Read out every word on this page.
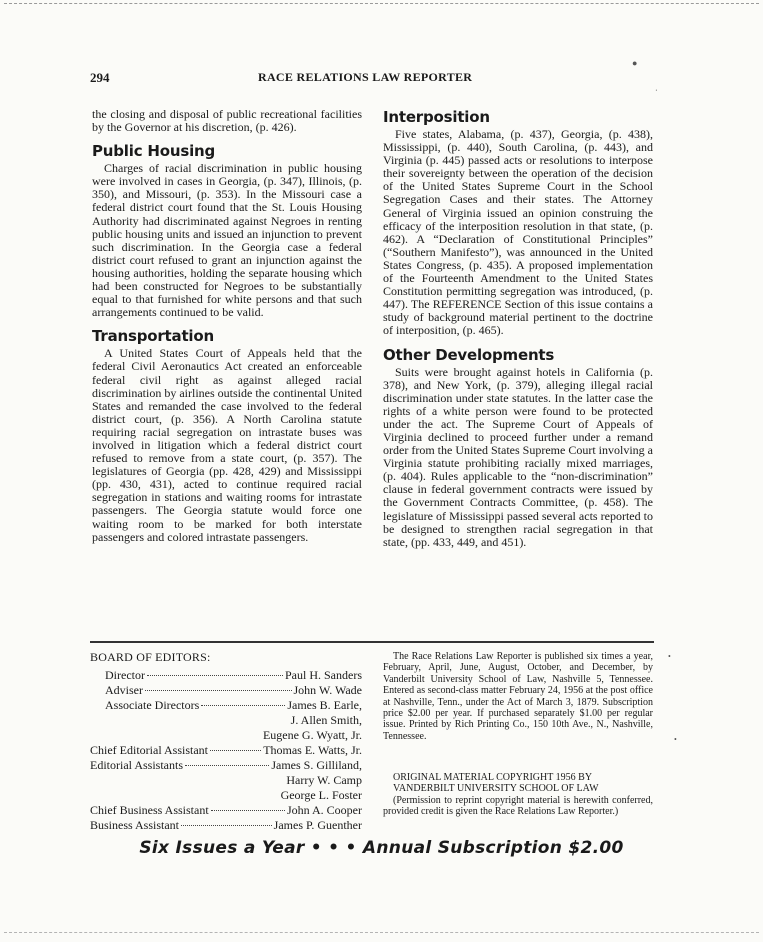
●
⋅
•
•
294	RACE RELATIONS LAW REPORTER

the closing and disposal of public recreational facilities by the Governor at his discretion, (p. 426).

Public Housing

Charges of racial discrimination in public housing were involved in cases in Georgia, (p. 347), Illinois, (p. 350), and Missouri, (p. 353). In the Missouri case a federal district court found that the St. Louis Housing Authority had discriminated against Negroes in renting public housing units and issued an injunction to prevent such discrimination. In the Georgia case a federal district court refused to grant an injunction against the housing authorities, holding the separate housing which had been constructed for Negroes to be substantially equal to that furnished for white persons and that such arrangements continued to be valid.

Transportation

A United States Court of Appeals held that the federal Civil Aeronautics Act created an enforceable federal civil right as against alleged racial discrimination by airlines outside the continental United States and remanded the case involved to the federal district court, (p. 356). A North Carolina statute requiring racial segregation on intrastate buses was involved in litigation which a federal district court refused to remove from a state court, (p. 357). The legislatures of Georgia (pp. 428, 429) and Mississippi (pp. 430, 431), acted to continue required racial segregation in stations and waiting rooms for intrastate passengers. The Georgia statute would force one waiting room to be marked for both interstate passengers and colored intrastate passengers.

Interposition

Five states, Alabama, (p. 437), Georgia, (p. 438), Mississippi, (p. 440), South Carolina, (p. 443), and Virginia (p. 445) passed acts or resolutions to interpose their sovereignty between the operation of the decision of the United States Supreme Court in the School Segregation Cases and their states. The Attorney General of Virginia issued an opinion construing the efficacy of the interposition resolution in that state, (p. 462). A “Declaration of Constitutional Principles” (“Southern Manifesto”), was announced in the United States Congress, (p. 435). A proposed implementation of the Fourteenth Amendment to the United States Constitution permitting segregation was introduced, (p. 447). The REFERENCE Section of this issue contains a study of background material pertinent to the doctrine of interposition, (p. 465).

Other Developments

Suits were brought against hotels in California (p. 378), and New York, (p. 379), alleging illegal racial discrimination under state statutes. In the latter case the rights of a white person were found to be protected under the act. The Supreme Court of Appeals of Virginia declined to proceed further under a remand order from the United States Supreme Court involving a Virginia statute prohibiting racially mixed marriages, (p. 404). Rules applicable to the “non-discrimination” clause in federal government contracts were issued by the Government Contracts Committee, (p. 458). The legislature of Mississippi passed several acts reported to be designed to strengthen racial segregation in that state, (pp. 433, 449, and 451).

BOARD OF EDITORS:
Director	Paul H. Sanders
Adviser	John W. Wade
Associate Directors	James B. Earle,
J. Allen Smith,
Eugene G. Wyatt, Jr.
Chief Editorial Assistant	Thomas E. Watts, Jr.
Editorial Assistants	James S. Gilliland,
Harry W. Camp
George L. Foster
Chief Business Assistant	John A. Cooper
Business Assistant	James P. Guenther

The Race Relations Law Reporter is published six times a year, February, April, June, August, October, and December, by Vanderbilt University School of Law, Nashville 5, Tennessee. Entered as second-class matter February 24, 1956 at the post office at Nashville, Tenn., under the Act of March 3, 1879. Subscription price $2.00 per year. If purchased separately $1.00 per regular issue. Printed by Rich Printing Co., 150 10th Ave., N., Nashville, Tennessee.

ORIGINAL MATERIAL COPYRIGHT 1956 BY
VANDERBILT UNIVERSITY SCHOOL OF LAW
(Permission to reprint copyright material is herewith conferred, provided credit is given the Race Relations Law Reporter.)
Six Issues a Year • • • Annual Subscription $2.00
